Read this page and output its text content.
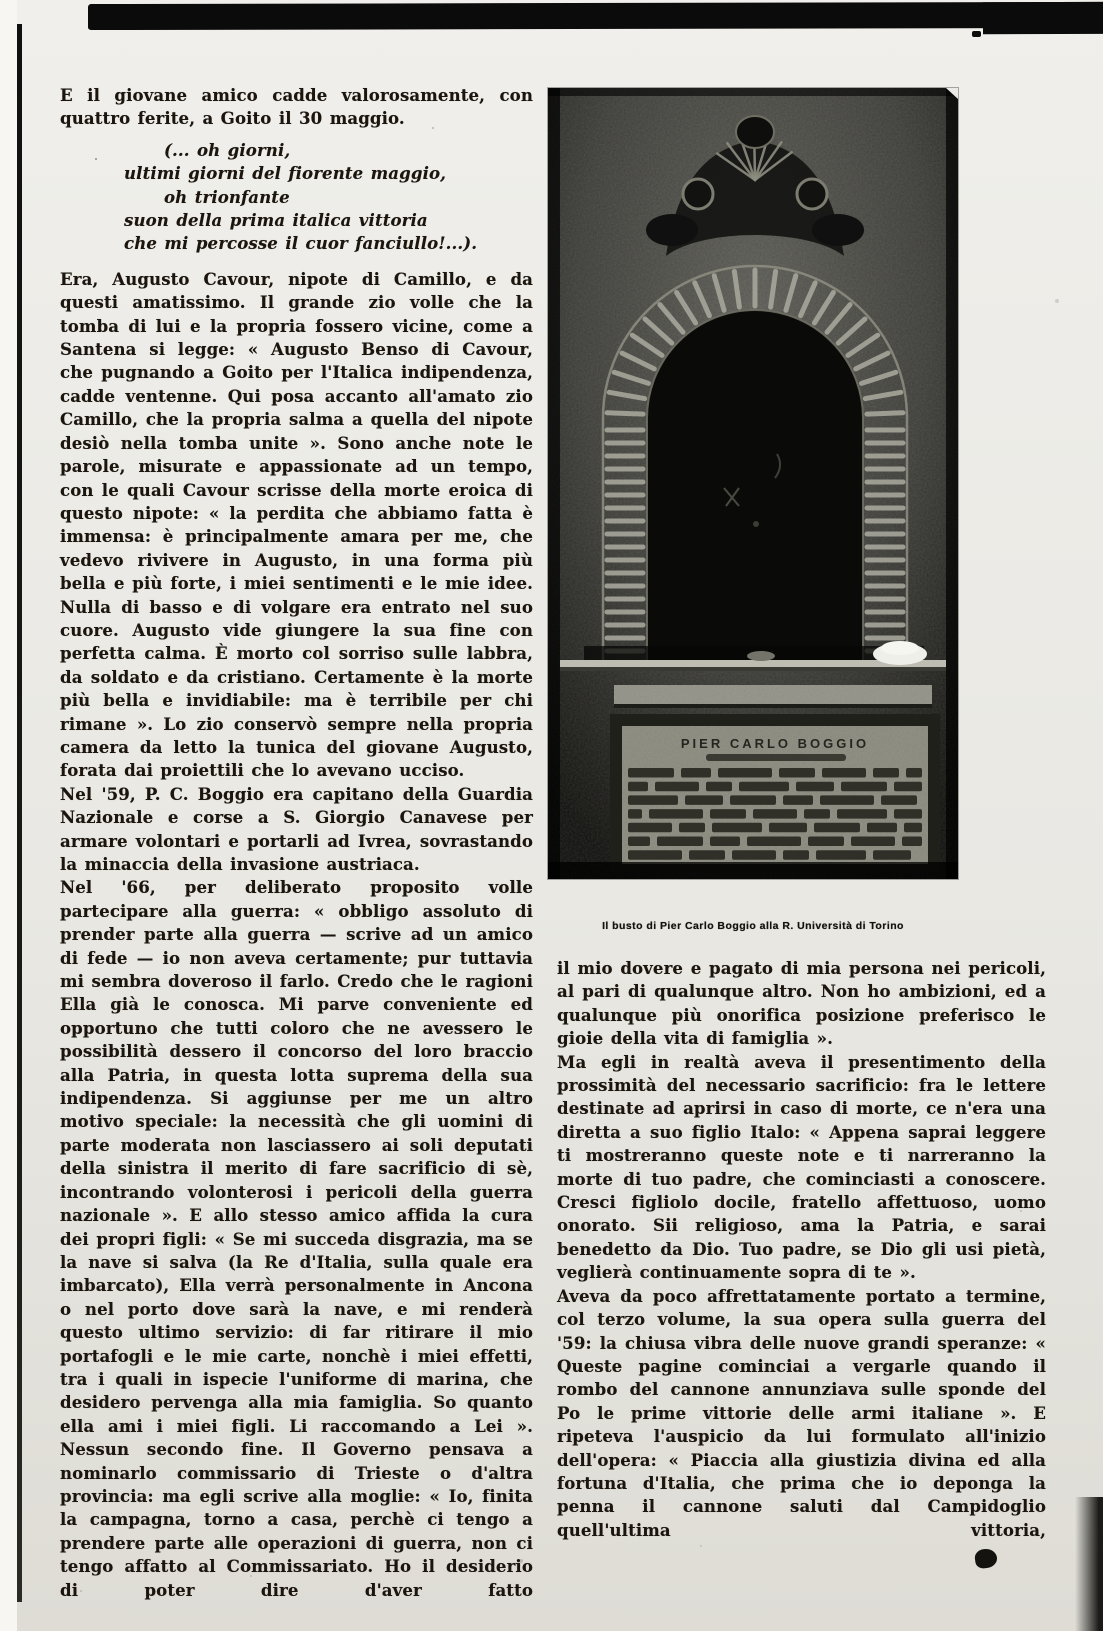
E il giovane amico cadde valorosamente, con quattro ferite, a Goito il 30 maggio.

(... oh giorni,
ultimi giorni del fiorente maggio,
oh trionfante
suon della prima italica vittoria
che mi percosse il cuor fanciullo!...).

Era, Augusto Cavour, nipote di Camillo, e da questi amatissimo. Il grande zio volle che la tomba di lui e la propria fossero vicine, come a Santena si legge: « Augusto Benso di Cavour, che pugnando a Goito per l'Italica indipendenza, cadde ventenne. Qui posa accanto all'amato zio Camillo, che la propria salma a quella del nipote desiò nella tomba unite ». Sono anche note le parole, misurate e appassionate ad un tempo, con le quali Cavour scrisse della morte eroica di questo nipote: « la perdita che abbiamo fatta è immensa: è principalmente amara per me, che vedevo rivivere in Augusto, in una forma più bella e più forte, i miei sentimenti e le mie idee. Nulla di basso e di volgare era entrato nel suo cuore. Augusto vide giungere la sua fine con perfetta calma. È morto col sorriso sulle labbra, da soldato e da cristiano. Certamente è la morte più bella e invidiabile: ma è terribile per chi rimane ». Lo zio conservò sempre nella propria camera da letto la tunica del giovane Augusto, forata dai proiettili che lo avevano ucciso.

Nel '59, P. C. Boggio era capitano della Guardia Nazionale e corse a S. Giorgio Canavese per armare volontari e portarli ad Ivrea, sovrastando la minaccia della invasione austriaca.

Nel '66, per deliberato proposito volle partecipare alla guerra: « obbligo assoluto di prender parte alla guerra — scrive ad un amico di fede — io non aveva certamente; pur tuttavia mi sembra doveroso il farlo. Credo che le ragioni Ella già le conosca. Mi parve conveniente ed opportuno che tutti coloro che ne avessero le possibilità dessero il concorso del loro braccio alla Patria, in questa lotta suprema della sua indipendenza. Si aggiunse per me un altro motivo speciale: la necessità che gli uomini di parte moderata non lasciassero ai soli deputati della sinistra il merito di fare sacrificio di sè, incontrando volonterosi i pericoli della guerra nazionale ». E allo stesso amico affida la cura dei propri figli: « Se mi succeda disgrazia, ma se la nave si salva (la Re d'Italia, sulla quale era imbarcato), Ella verrà personalmente in Ancona o nel porto dove sarà la nave, e mi renderà questo ultimo servizio: di far ritirare il mio portafogli e le mie carte, nonchè i miei effetti, tra i quali in ispecie l'uniforme di marina, che desidero pervenga alla mia famiglia. So quanto ella ami i miei figli. Li raccomando a Lei ». Nessun secondo fine. Il Governo pensava a nominarlo commissario di Trieste o d'altra provincia: ma egli scrive alla moglie: « Io, finita la campagna, torno a casa, perchè ci tengo a prendere parte alle operazioni di guerra, non ci tengo affatto al Commissariato. Ho il desiderio di poter dire d'aver fatto

PIER CARLO BOGGIO
Il busto di Pier Carlo Boggio alla R. Università di Torino

il mio dovere e pagato di mia persona nei pericoli, al pari di qualunque altro. Non ho ambizioni, ed a qualunque più onorifica posizione preferisco le gioie della vita di famiglia ».

Ma egli in realtà aveva il presentimento della prossimità del necessario sacrificio: fra le lettere destinate ad aprirsi in caso di morte, ce n'era una diretta a suo figlio Italo: « Appena saprai leggere ti mostreranno queste note e ti narreranno la morte di tuo padre, che cominciasti a conoscere. Cresci figliolo docile, fratello affettuoso, uomo onorato. Sii religioso, ama la Patria, e sarai benedetto da Dio. Tuo padre, se Dio gli usi pietà, veglierà continuamente sopra di te ».

Aveva da poco affrettatamente portato a termine, col terzo volume, la sua opera sulla guerra del '59: la chiusa vibra delle nuove grandi speranze: « Queste pagine cominciai a vergarle quando il rombo del cannone annunziava sulle sponde del Po le prime vittorie delle armi italiane ». E ripeteva l'auspicio da lui formulato all'inizio dell'opera: « Piaccia alla giustizia divina ed alla fortuna d'Italia, che prima che io deponga la penna il cannone saluti dal Campidoglio quell'ultima vittoria,
